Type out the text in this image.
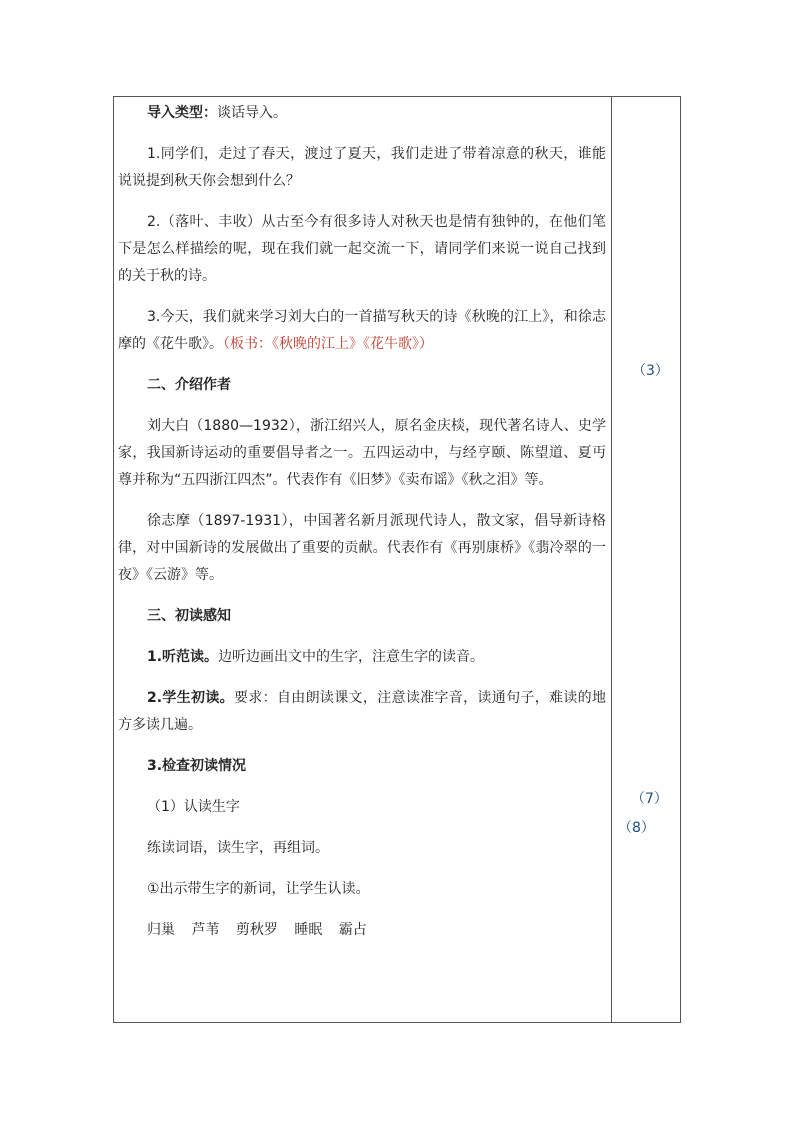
导入类型：谈话导入。

1.同学们，走过了春天，渡过了夏天，我们走进了带着凉意的秋天，谁能说说提到秋天你会想到什么？

2.（落叶、丰收）从古至今有很多诗人对秋天也是情有独钟的，在他们笔下是怎么样描绘的呢，现在我们就一起交流一下，请同学们来说一说自己找到的关于秋的诗。

3.今天，我们就来学习刘大白的一首描写秋天的诗《秋晚的江上》，和徐志摩的《花牛歌》。（板书：《秋晚的江上》《花牛歌》）

二、介绍作者

刘大白（1880—1932），浙江绍兴人，原名金庆棪，现代著名诗人、史学家，我国新诗运动的重要倡导者之一。五四运动中，与经亨颐、陈望道、夏丏尊并称为“五四浙江四杰”。代表作有《旧梦》《卖布谣》《秋之泪》等。

徐志摩（1897-1931），中国著名新月派现代诗人，散文家，倡导新诗格律，对中国新诗的发展做出了重要的贡献。代表作有《再别康桥》《翡冷翠的一夜》《云游》等。

三、初读感知

1.听范读。边听边画出文中的生字，注意生字的读音。

2.学生初读。要求：自由朗读课文，注意读准字音，读通句子，难读的地方多读几遍。

3.检查初读情况

（1）认读生字

练读词语，读生字，再组词。

①出示带生字的新词，让学生认读。

归巢 芦苇 剪秋罗 睡眠 霸占

（3）
（7）
（8）
